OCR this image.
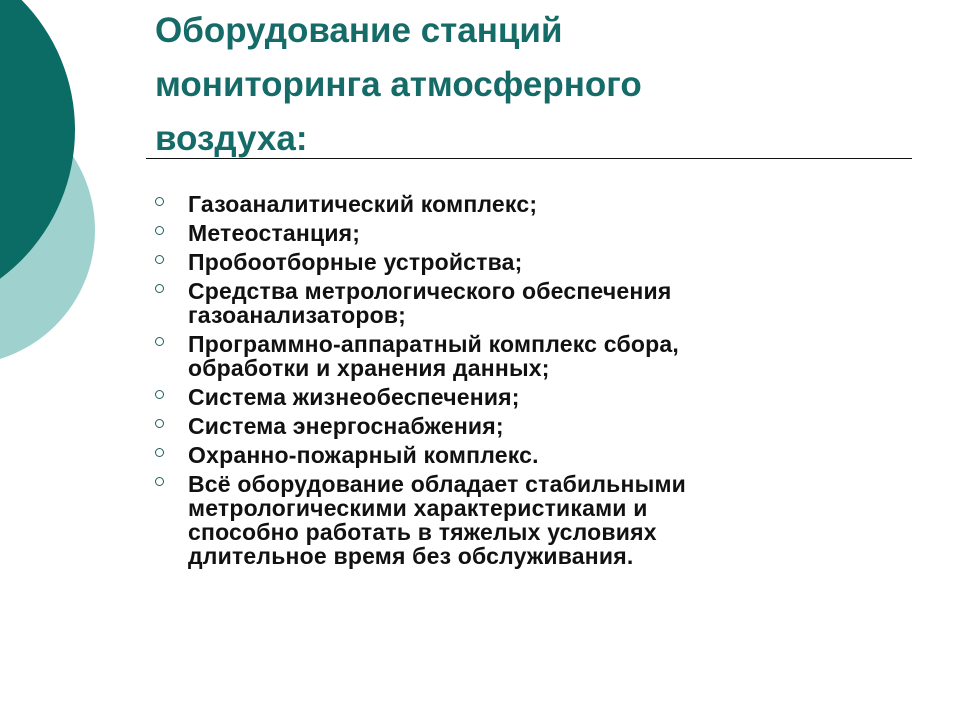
Оборудование станций
мониторинга атмосферного
воздуха:
Газоаналитический комплекс;
Метеостанция;
Пробоотборные устройства;
Средства метрологического обеспечения
газоанализаторов;
Программно-аппаратный комплекс сбора,
обработки и хранения данных;
Система жизнеобеспечения;
Система энергоснабжения;
Охранно-пожарный комплекс.
Всё оборудование обладает стабильными
метрологическими характеристиками и
способно работать в тяжелых условиях
длительное время без обслуживания.
